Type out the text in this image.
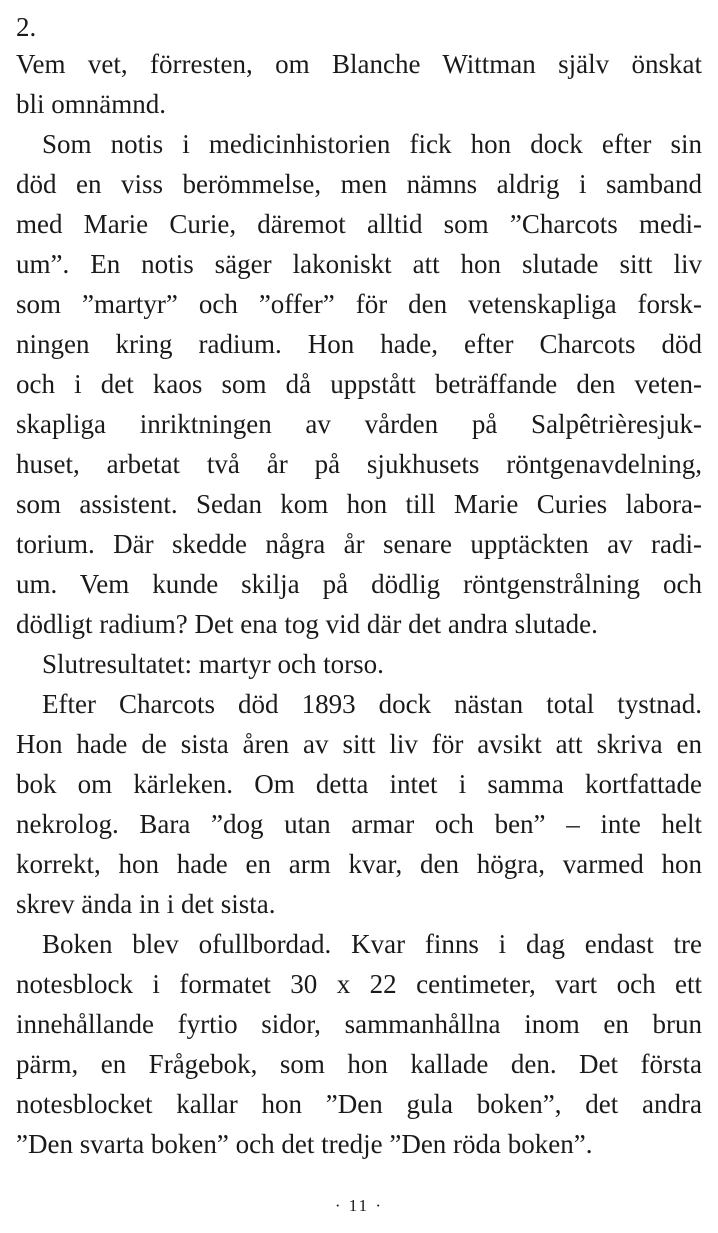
2.

Vem vet, förresten, om Blanche Wittman själv önskat
bli omnämnd.

Som notis i medicinhistorien fick hon dock efter sin
död en viss berömmelse, men nämns aldrig i samband
med Marie Curie, däremot alltid som ”Charcots medi-
um”. En notis säger lakoniskt att hon slutade sitt liv
som ”martyr” och ”offer” för den vetenskapliga forsk-
ningen kring radium. Hon hade, efter Charcots död
och i det kaos som då uppstått beträffande den veten-
skapliga inriktningen av vården på Salpêtrièresjuk-
huset, arbetat två år på sjukhusets röntgenavdelning,
som assistent. Sedan kom hon till Marie Curies labora-
torium. Där skedde några år senare upptäckten av radi-
um. Vem kunde skilja på dödlig röntgenstrålning och
dödligt radium? Det ena tog vid där det andra slutade.

Slutresultatet: martyr och torso.

Efter Charcots död 1893 dock nästan total tystnad.
Hon hade de sista åren av sitt liv för avsikt att skriva en
bok om kärleken. Om detta intet i samma kortfattade
nekrolog. Bara ”dog utan armar och ben” – inte helt
korrekt, hon hade en arm kvar, den högra, varmed hon
skrev ända in i det sista.

Boken blev ofullbordad. Kvar finns i dag endast tre
notesblock i formatet 30 x 22 centimeter, vart och ett
innehållande fyrtio sidor, sammanhållna inom en brun
pärm, en Frågebok, som hon kallade den. Det första
notesblocket kallar hon ”Den gula boken”, det andra
”Den svarta boken” och det tredje ”Den röda boken”.

· 11 ·
